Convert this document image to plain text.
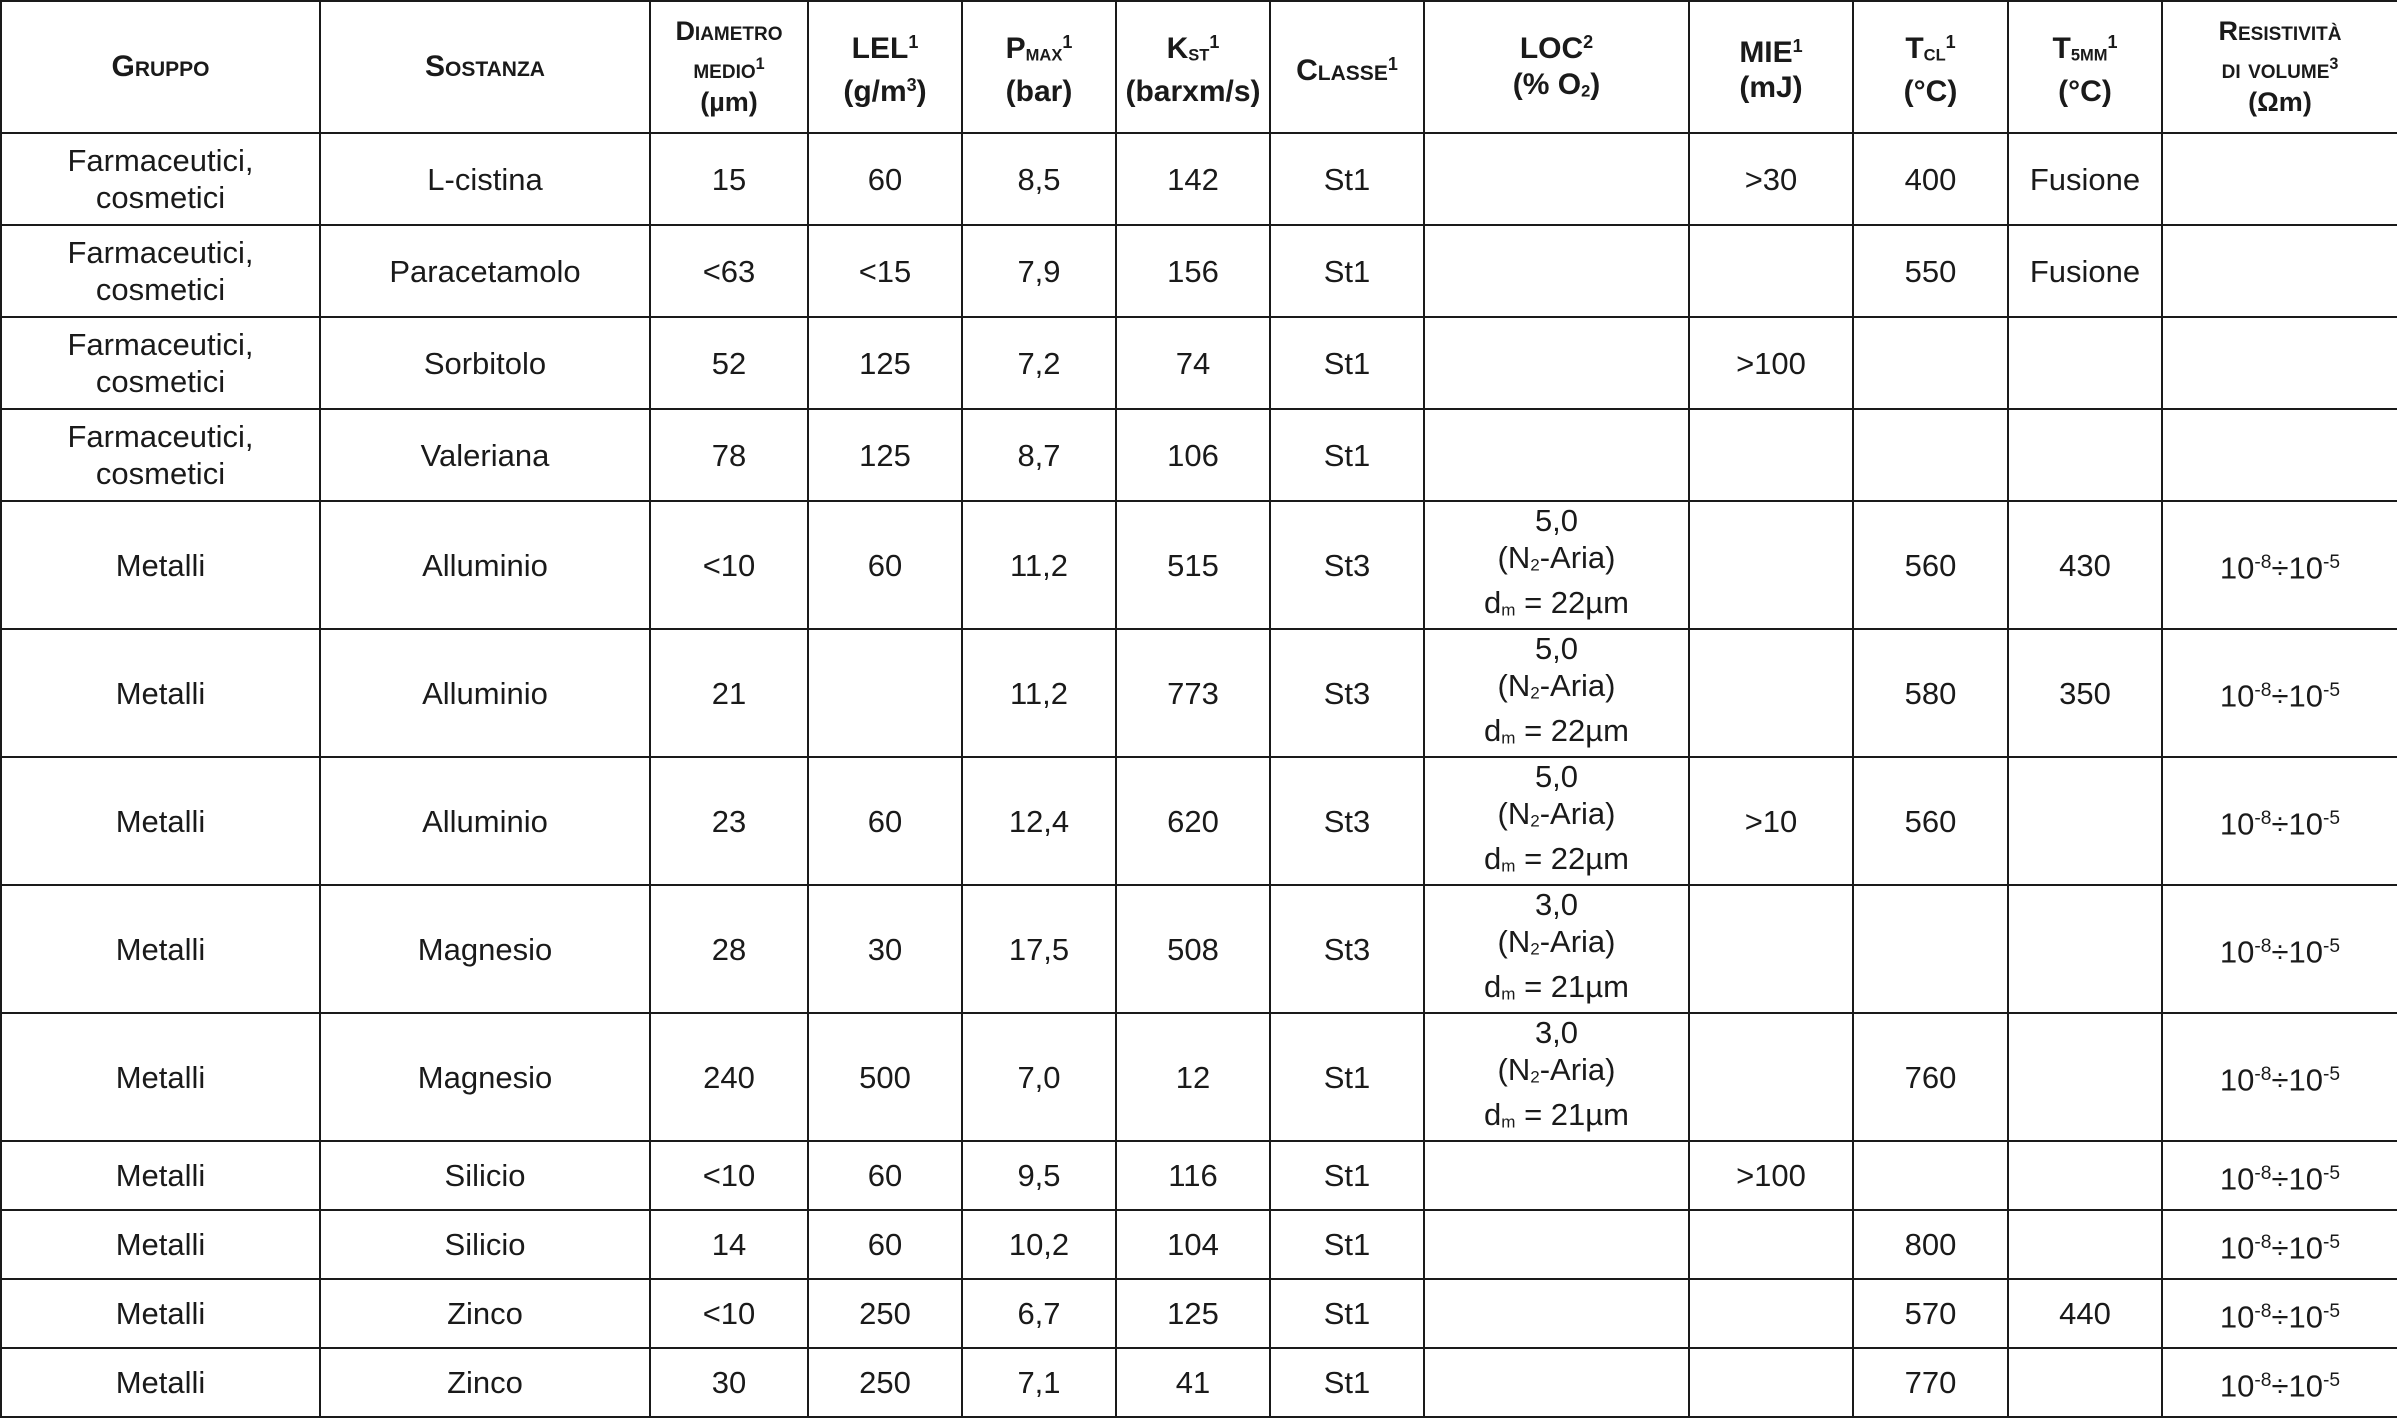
Gruppo	Sostanza	Diametro
medio$^1$
(µm)	LEL$^1$
$(g/m^3)$	PMAX$^1$
(bar)	KST$^1$
(barxm/s)	Classe$^1$	LOC$^2$
(% O2)	MIE$^1$
(mJ)	TCL$^1$
(°C)	$T5MM^1$
(°C)	Resistività
di volume$^3$
(Ωm)

Farmaceutici, cosmetici	L-cistina	15	60	8,5	142	St1		>30	400	Fusione	
Farmaceutici, cosmetici	Paracetamolo	<63	<15	7,9	156	St1			550	Fusione	
Farmaceutici, cosmetici	Sorbitolo	52	125	7,2	74	St1		>100			
Farmaceutici, cosmetici	Valeriana	78	125	8,7	106	St1					
Metalli	Alluminio	<10	60	11,2	515	St3	5,0
(N2-Aria)
dm = 22µm		560	430	$10^{-8}\div 10^{-5}$
Metalli	Alluminio	21		11,2	773	St3	5,0
(N2-Aria)
dm = 22µm		580	350	$10^{-8}\div 10^{-5}$
Metalli	Alluminio	23	60	12,4	620	St3	5,0
(N2-Aria)
dm = 22µm	>10	560		$10^{-8}\div 10^{-5}$
Metalli	Magnesio	28	30	17,5	508	St3	3,0
(N2-Aria)
dm = 21µm				$10^{-8}\div 10^{-5}$
Metalli	Magnesio	240	500	7,0	12	St1	3,0
(N2-Aria)
dm = 21µm		760		$10^{-8}\div 10^{-5}$
Metalli	Silicio	<10	60	9,5	116	St1		>100			$10^{-8}\div 10^{-5}$
Metalli	Silicio	14	60	10,2	104	St1			800		$10^{-8}\div 10^{-5}$
Metalli	Zinco	<10	250	6,7	125	St1			570	440	$10^{-8}\div 10^{-5}$
Metalli	Zinco	30	250	7,1	41	St1			770		$10^{-8}\div 10^{-5}$
